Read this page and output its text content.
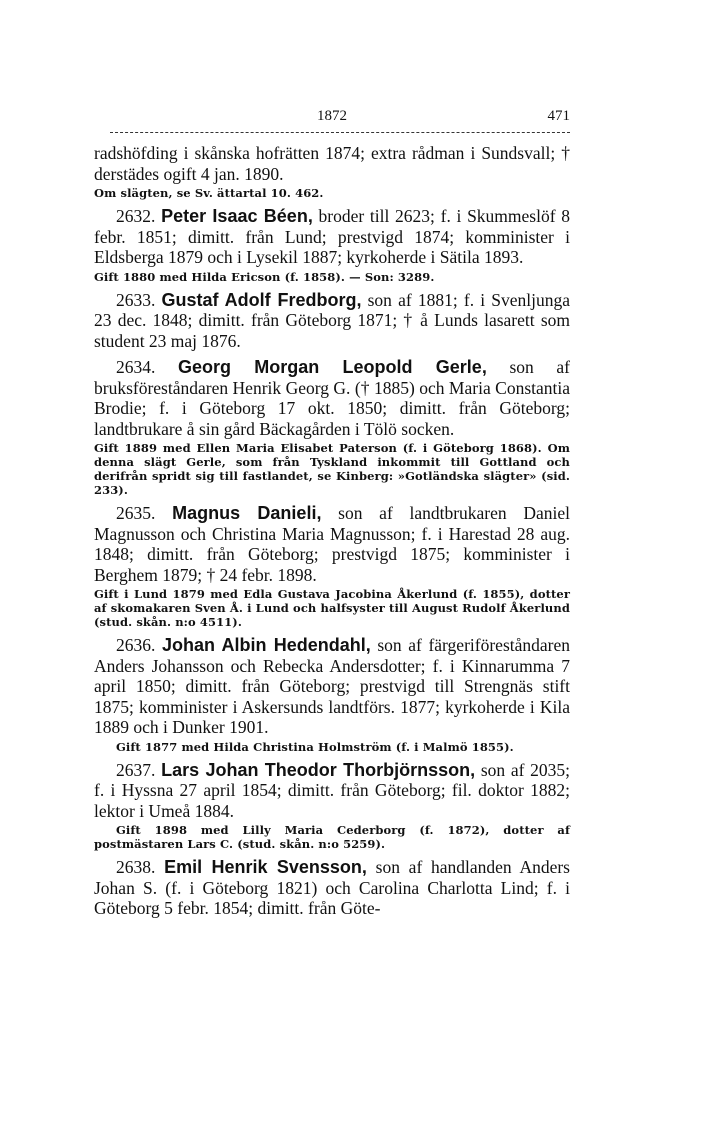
1872	471

radshöfding i skånska hofrätten 1874; extra rådman i Sundsvall; † derstädes ogift 4 jan. 1890.

Om slägten, se Sv. ättartal 10. 462.

2632. Peter Isaac Béen, broder till 2623; f. i Skummeslöf 8 febr. 1851; dimitt. från Lund; prestvigd 1874; komminister i Eldsberga 1879 och i Lysekil 1887; kyrkoherde i Sätila 1893.

Gift 1880 med Hilda Ericson (f. 1858). — Son: 3289.

2633. Gustaf Adolf Fredborg, son af 1881; f. i Svenljunga 23 dec. 1848; dimitt. från Göteborg 1871; † å Lunds lasarett som student 23 maj 1876.

2634. Georg Morgan Leopold Gerle, son af bruksföreståndaren Henrik Georg G. († 1885) och Maria Constantia Brodie; f. i Göteborg 17 okt. 1850; dimitt. från Göteborg; landtbrukare å sin gård Bäckagården i Tölö socken.

Gift 1889 med Ellen Maria Elisabet Paterson (f. i Göteborg 1868). Om denna slägt Gerle, som från Tyskland inkommit till Gottland och derifrån spridt sig till fastlandet, se Kinberg: »Gotländska slägter» (sid. 233).

2635. Magnus Danieli, son af landtbrukaren Daniel Magnusson och Christina Maria Magnusson; f. i Harestad 28 aug. 1848; dimitt. från Göteborg; prestvigd 1875; komminister i Berghem 1879; † 24 febr. 1898.

Gift i Lund 1879 med Edla Gustava Jacobina Åkerlund (f. 1855), dotter af skomakaren Sven Å. i Lund och halfsyster till August Rudolf Åkerlund (stud. skån. n:o 4511).

2636. Johan Albin Hedendahl, son af färgeriföreståndaren Anders Johansson och Rebecka Andersdotter; f. i Kinnarumma 7 april 1850; dimitt. från Göteborg; prestvigd till Strengnäs stift 1875; komminister i Askersunds landtförs. 1877; kyrkoherde i Kila 1889 och i Dunker 1901.

Gift 1877 med Hilda Christina Holmström (f. i Malmö 1855).

2637. Lars Johan Theodor Thorbjörnsson, son af 2035; f. i Hyssna 27 april 1854; dimitt. från Göteborg; fil. doktor 1882; lektor i Umeå 1884.

Gift 1898 med Lilly Maria Cederborg (f. 1872), dotter af postmästaren Lars C. (stud. skån. n:o 5259).

2638. Emil Henrik Svensson, son af handlanden Anders Johan S. (f. i Göteborg 1821) och Carolina Charlotta Lind; f. i Göteborg 5 febr. 1854; dimitt. från Göte-
